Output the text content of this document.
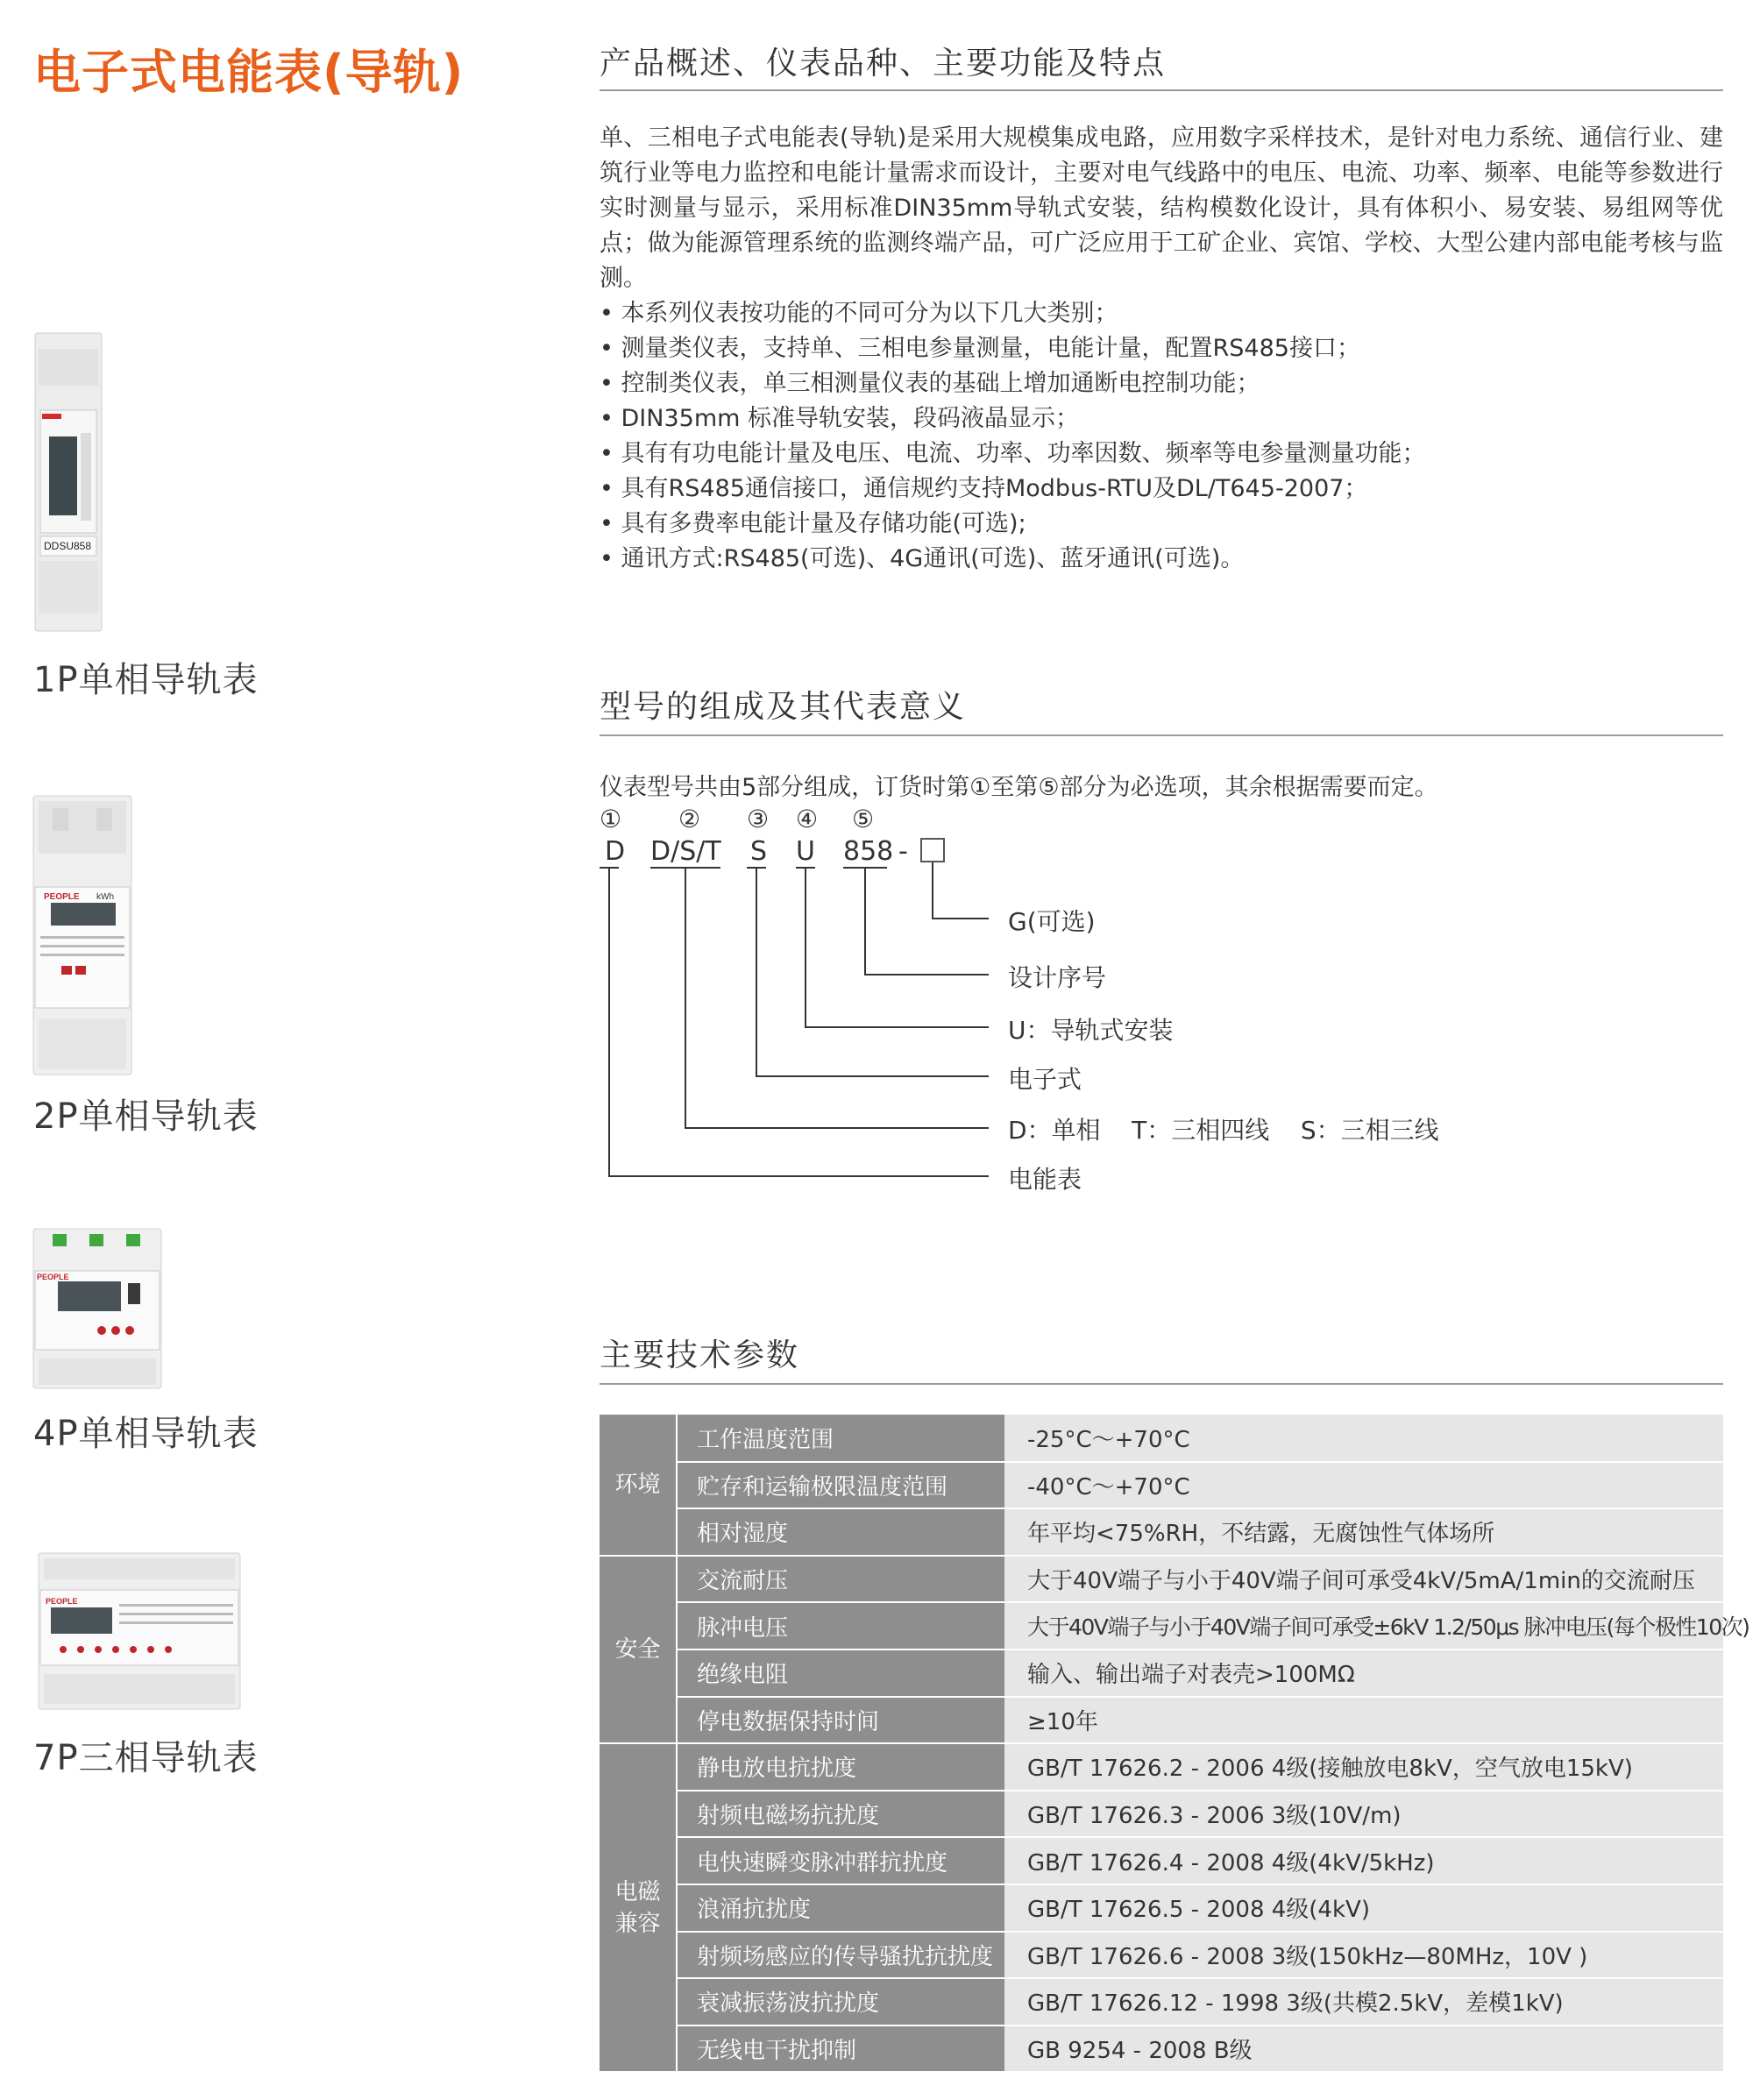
电子式电能表(导轨)
DDSU858
1P单相导轨表
PEOPLE kWh
2P单相导轨表
PEOPLE
4P单相导轨表
PEOPLE
7P三相导轨表
产品概述、仪表品种、主要功能及特点

单、三相电子式电能表(导轨)是采用大规模集成电路，应用数字采样技术，是针对电力系统、通信行业、建筑行业等电力监控和电能计量需求而设计，主要对电气线路中的电压、电流、功率、频率、电能等参数进行实时测量与显示，采用标准DIN35mm导轨式安装，结构模数化设计，具有体积小、易安装、易组网等优点；做为能源管理系统的监测终端产品，可广泛应用于工矿企业、宾馆、学校、大型公建内部电能考核与监测。

• 本系列仪表按功能的不同可分为以下几大类别；
• 测量类仪表，支持单、三相电参量测量，电能计量，配置RS485接口；
• 控制类仪表，单三相测量仪表的基础上增加通断电控制功能；
• DIN35mm 标准导轨安装，段码液晶显示；
• 具有有功电能计量及电压、电流、功率、功率因数、频率等电参量测量功能；
• 具有RS485通信接口，通信规约支持Modbus-RTU及DL/T645-2007；
• 具有多费率电能计量及存储功能(可选);
• 通讯方式:RS485(可选)、4G通讯(可选)、蓝牙通讯(可选)。
型号的组成及其代表意义
仪表型号共由5部分组成，订货时第①至第⑤部分为必选项，其余根据需要而定。
① ② ③ ④ ⑤
D D/S/T S U 858 -
G(可选)
设计序号
U：导轨式安装
电子式
D：单相    T：三相四线    S：三相三线
电能表
主要技术参数
环境	工作温度范围	-25°C～+70°C
	贮存和运输极限温度范围	-40°C～+70°C
	相对湿度	年平均<75%RH，不结露，无腐蚀性气体场所
安全	交流耐压	大于40V端子与小于40V端子间可承受4kV/5mA/1min的交流耐压
	脉冲电压	大于40V端子与小于40V端子间可承受±6kV 1.2/50μs 脉冲电压(每个极性10次)
	绝缘电阻	输入、输出端子对表壳>100MΩ
	停电数据保持时间	≥10年
电磁兼容	静电放电抗扰度	GB/T 17626.2 - 2006 4级(接触放电8kV，空气放电15kV)
	射频电磁场抗扰度	GB/T 17626.3 - 2006 3级(10V/m)
	电快速瞬变脉冲群抗扰度	GB/T 17626.4 - 2008 4级(4kV/5kHz)
	浪涌抗扰度	GB/T 17626.5 - 2008 4级(4kV)
	射频场感应的传导骚扰抗扰度	GB/T 17626.6 - 2008 3级(150kHz—80MHz，10V )
	衰减振荡波抗扰度	GB/T 17626.12 - 1998 3级(共模2.5kV，差模1kV)
	无线电干扰抑制	GB 9254 - 2008 B级
